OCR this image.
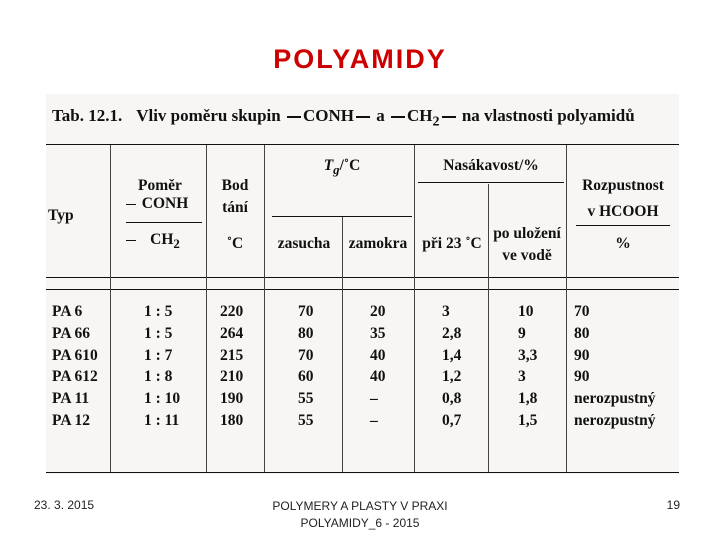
POLYAMIDY
Tab. 12.1. Vliv poměru skupin CONH a $CH_2$ na vlastnosti polyamidů
Typ
Poměr
CONH
$CH_2$
Bod
tání
˚C
$T_g/˚C$
zasucha	zamokra
Nasákavost/%
při 23 ˚C
po uložení
ve vodě
Rozpustnost
v HCOOH
%
PA 6
PA 66
PA 610
PA 612
PA 11
PA 12
1 : 5
1 : 5
1 : 7
1 : 8
1 : 10
1 : 11
220
264
215
210
190
180
70
80
70
60
55
55
20
35
40
40
–
–
3
2,8
1,4
1,2
0,8
0,7
10
9
3,3
3
1,8
1,5
70
80
90
90
nerozpustný
nerozpustný
23. 3. 2015	POLYMERY A PLASTY V PRAXI
POLYAMIDY_6 - 2015
19
